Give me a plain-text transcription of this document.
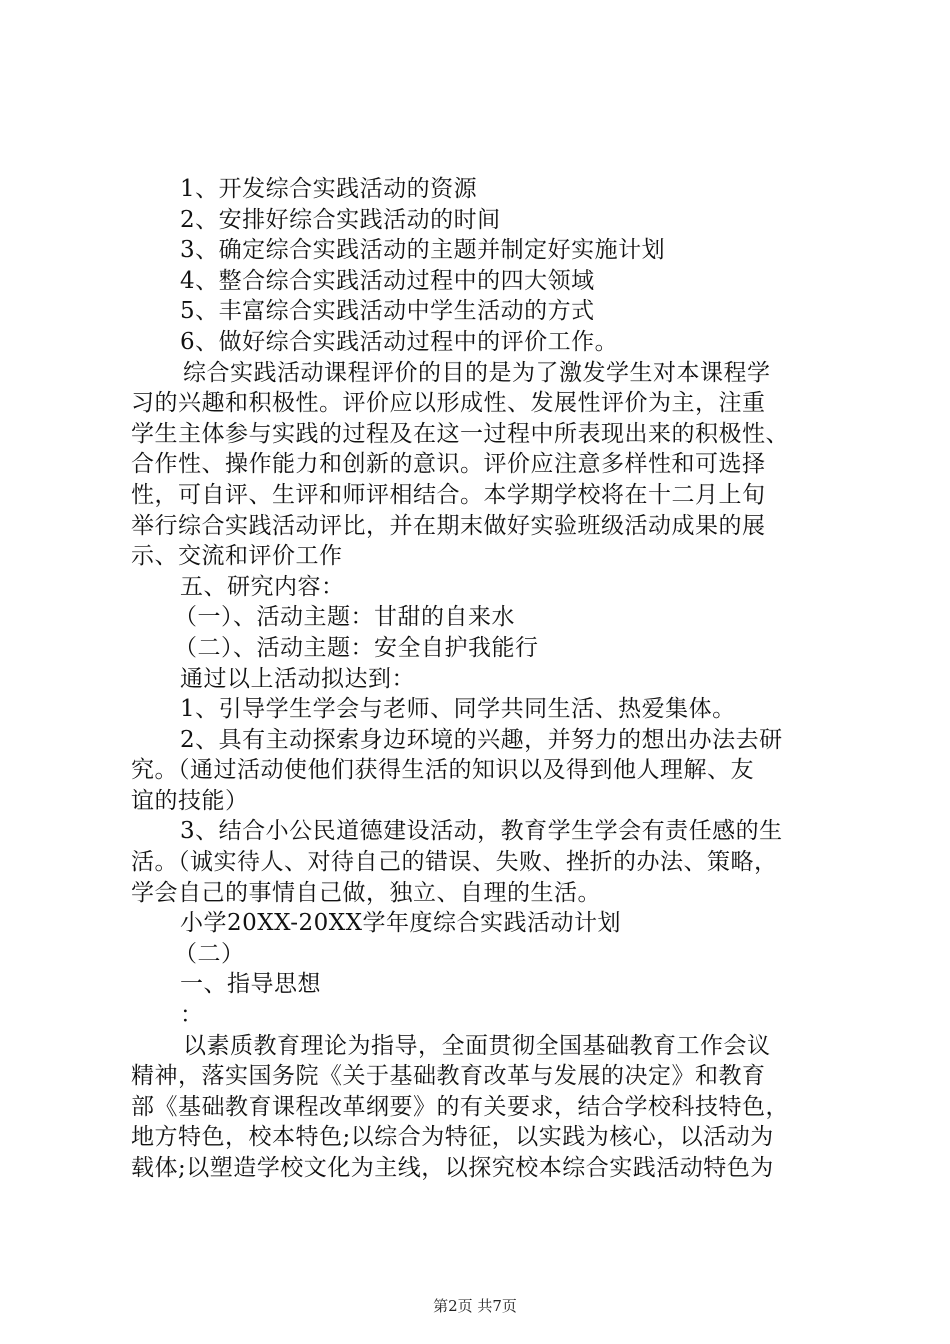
1、开发综合实践活动的资源
2、安排好综合实践活动的时间
3、确定综合实践活动的主题并制定好实施计划
4、整合综合实践活动过程中的四大领域
5、丰富综合实践活动中学生活动的方式
6、做好综合实践活动过程中的评价工作。
综合实践活动课程评价的目的是为了激发学生对本课程学
习的兴趣和积极性。评价应以形成性、发展性评价为主，注重
学生主体参与实践的过程及在这一过程中所表现出来的积极性、
合作性、操作能力和创新的意识。评价应注意多样性和可选择
性，可自评、生评和师评相结合。本学期学校将在十二月上旬
举行综合实践活动评比，并在期末做好实验班级活动成果的展
示、交流和评价工作
五、研究内容：
（一）、活动主题：甘甜的自来水
（二）、活动主题：安全自护我能行
通过以上活动拟达到：
1、引导学生学会与老师、同学共同生活、热爱集体。
2、具有主动探索身边环境的兴趣，并努力的想出办法去研
究。（通过活动使他们获得生活的知识以及得到他人理解、友
谊的技能）
3、结合小公民道德建设活动，教育学生学会有责任感的生
活。（诚实待人、对待自己的错误、失败、挫折的办法、策略，
学会自己的事情自己做，独立、自理的生活。
小学20XX-20XX学年度综合实践活动计划
（二）
一、指导思想
：
以素质教育理论为指导，全面贯彻全国基础教育工作会议
精神，落实国务院《关于基础教育改革与发展的决定》和教育
部《基础教育课程改革纲要》的有关要求，结合学校科技特色，
地方特色，校本特色;以综合为特征，以实践为核心，以活动为
载体;以塑造学校文化为主线，以探究校本综合实践活动特色为
第2页 共7页
